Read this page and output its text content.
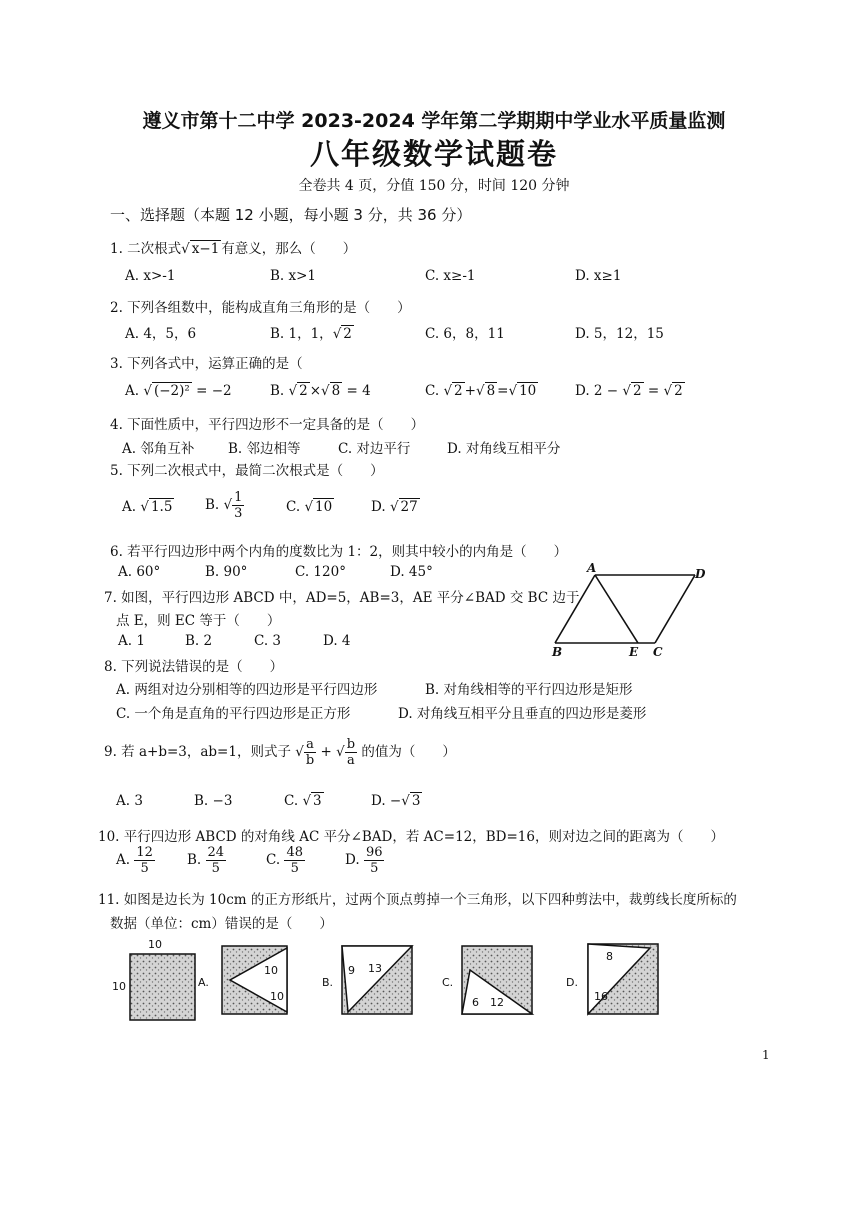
遵义市第十二中学 2023-2024 学年第二学期期中学业水平质量监测
八年级数学试题卷
全卷共 4 页，分值 150 分，时间 120 分钟
一、选择题（本题 12 小题，每小题 3 分，共 36 分）
1. 二次根式√ x−1 有意义，那么（　　）
A. x>-1	B. x>1	C. x≥-1	D. x≥1
2. 下列各组数中，能构成直角三角形的是（　　）
A. 4，5，6	B. 1，1，√ 2	C. 6，8，11	D. 5，12，15
3. 下列各式中，运算正确的是（
A. √ (−2)² = −2	B. √ 2 ×√ 8 = 4	C. √ 2 +√ 8 =√ 10	D. 2 − √ 2 = √ 2
4. 下面性质中，平行四边形不一定具备的是（　　）
A. 邻角互补 B. 邻边相等	C. 对边平行	D. 对角线互相平分
5. 下列二次根式中，最简二次根式是（　　）
A. √ 1.5 B. √ $\frac{1}{3}$	C. √ 10	D. √ 27
6. 若平行四边形中两个内角的度数比为 1：2，则其中较小的内角是（　　）
A. 60°	B. 90°	C. 120°	D. 45°
7. 如图，平行四边形 ABCD 中，AD=5，AB=3，AE 平分∠BAD 交 BC 边于
点 E，则 EC 等于（　　）
A. 1	B. 2	C. 3	D. 4
A	D
B	E C
8. 下列说法错误的是（　　）
A. 两组对边分别相等的四边形是平行四边形	B. 对角线相等的平行四边形是矩形
C. 一个角是直角的平行四边形是正方形	D. 对角线互相平分且垂直的四边形是菱形
9. 若 a+b=3，ab=1，则式子 √ $\frac{a}{b}$ + √ $\frac{b}{a}$ 的值为（　　）
A. 3	B. −3	C. √ 3	D. −√ 3
10. 平行四边形 ABCD 的对角线 AC 平分∠BAD，若 AC=12，BD=16，则对边之间的距离为（　　）
A. $\frac{12}{5} B$. $\frac{24}{5}$	C. $\frac{48}{5}$	D. $\frac{96}{5}$
11. 如图是边长为 10cm 的正方形纸片，过两个顶点剪掉一个三角形，以下四种剪法中，裁剪线长度所标的
数据（单位：cm）错误的是（　　）
10
10	A.
10
10
B.
9 13
C.
6 12
D.
8
16
1
